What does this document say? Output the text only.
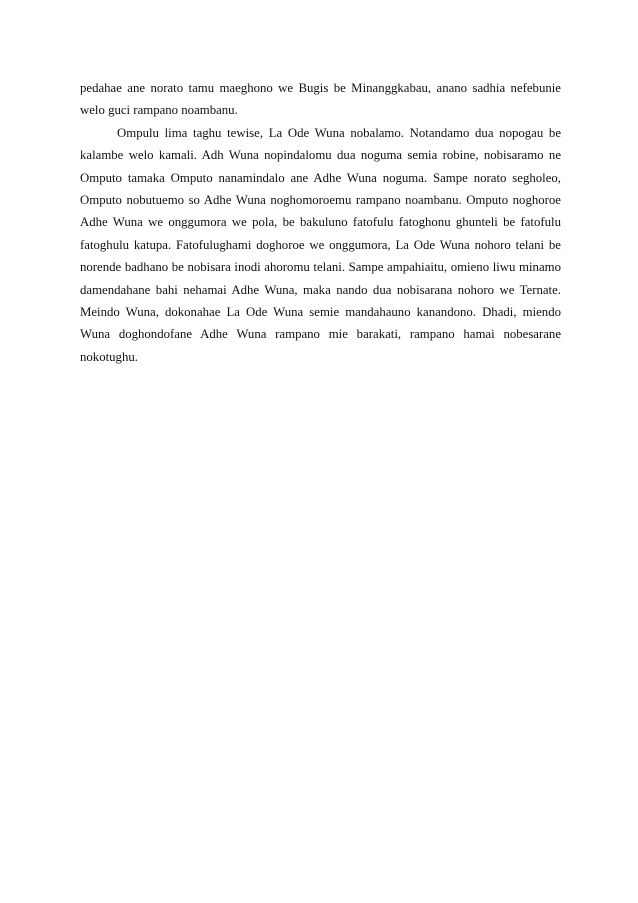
pedahae ane norato tamu maeghono we Bugis be Minanggkabau, anano sadhia nefebunie
welo guci rampano noambanu.
Ompulu lima taghu tewise, La Ode Wuna nobalamo. Notandamo dua nopogau be
kalambe welo kamali. Adh Wuna nopindalomu dua noguma semia robine, nobisaramo ne
Omputo tamaka Omputo nanamindalo ane Adhe Wuna noguma. Sampe norato segholeo,
Omputo nobutuemo so Adhe Wuna noghomoroemu rampano noambanu. Omputo noghoroe
Adhe Wuna we onggumora we pola, be bakuluno fatofulu fatoghonu ghunteli be fatofulu
fatoghulu katupa. Fatofulughami doghoroe we onggumora, La Ode Wuna nohoro telani be
norende badhano be nobisara inodi ahoromu telani. Sampe ampahiaitu, omieno liwu minamo
damendahane bahi nehamai Adhe Wuna, maka nando dua nobisarana nohoro we Ternate.
Meindo Wuna, dokonahae La Ode Wuna semie mandahauno kanandono. Dhadi, miendo
Wuna doghondofane Adhe Wuna rampano mie barakati, rampano hamai nobesarane
nokotughu.
